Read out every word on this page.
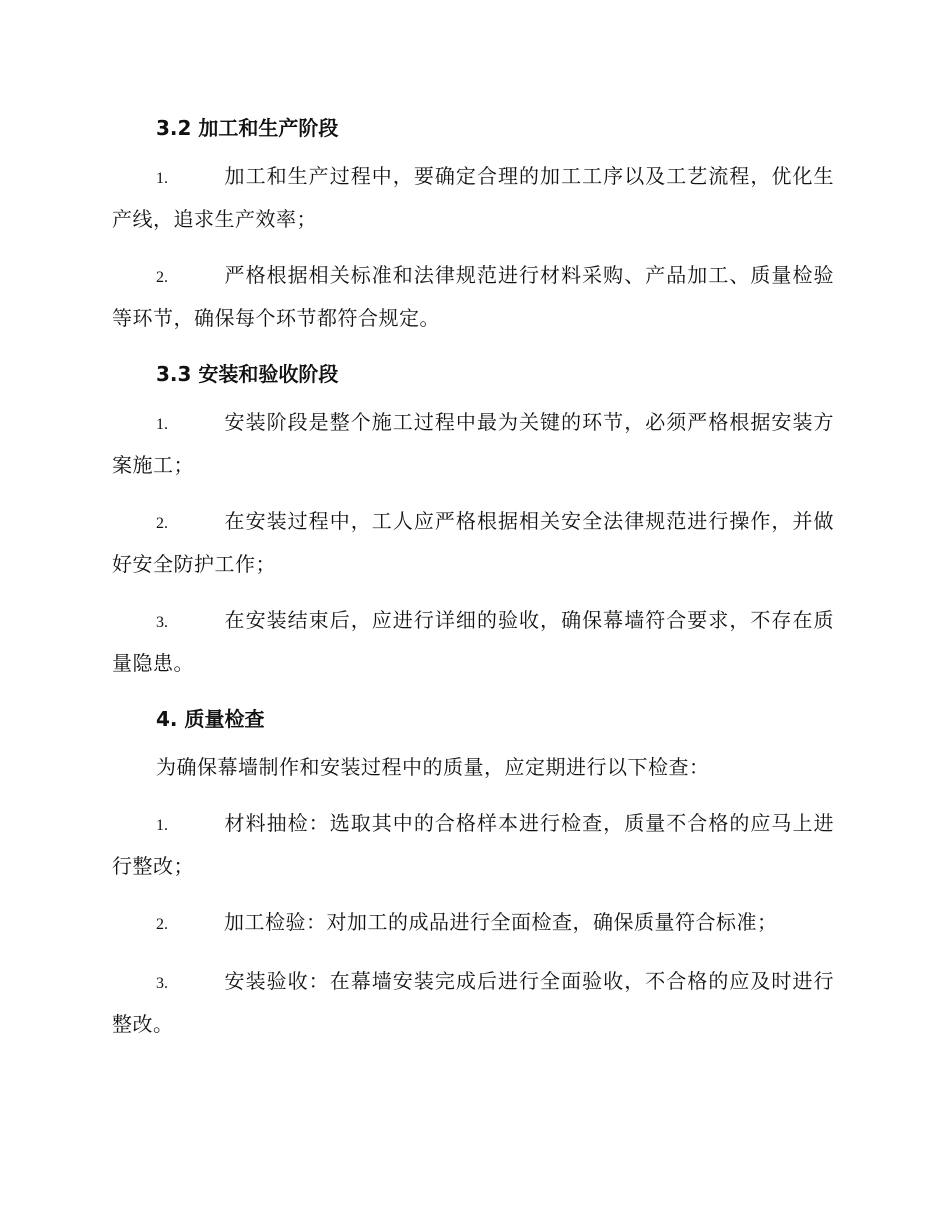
3.2 加工和生产阶段

1.	加工和生产过程中，要确定合理的加工工序以及工艺流程，优化生产线，追求生产效率；

2.	严格根据相关标准和法律规范进行材料采购、产品加工、质量检验等环节，确保每个环节都符合规定。

3.3 安装和验收阶段

1.	安装阶段是整个施工过程中最为关键的环节，必须严格根据安装方案施工；

2.	在安装过程中，工人应严格根据相关安全法律规范进行操作，并做好安全防护工作；

3.	在安装结束后，应进行详细的验收，确保幕墙符合要求，不存在质量隐患。

4. 质量检查

为确保幕墙制作和安装过程中的质量，应定期进行以下检查：

1.	材料抽检：选取其中的合格样本进行检查，质量不合格的应马上进行整改；

2.	加工检验：对加工的成品进行全面检查，确保质量符合标准；

3.	安装验收：在幕墙安装完成后进行全面验收，不合格的应及时进行整改。
